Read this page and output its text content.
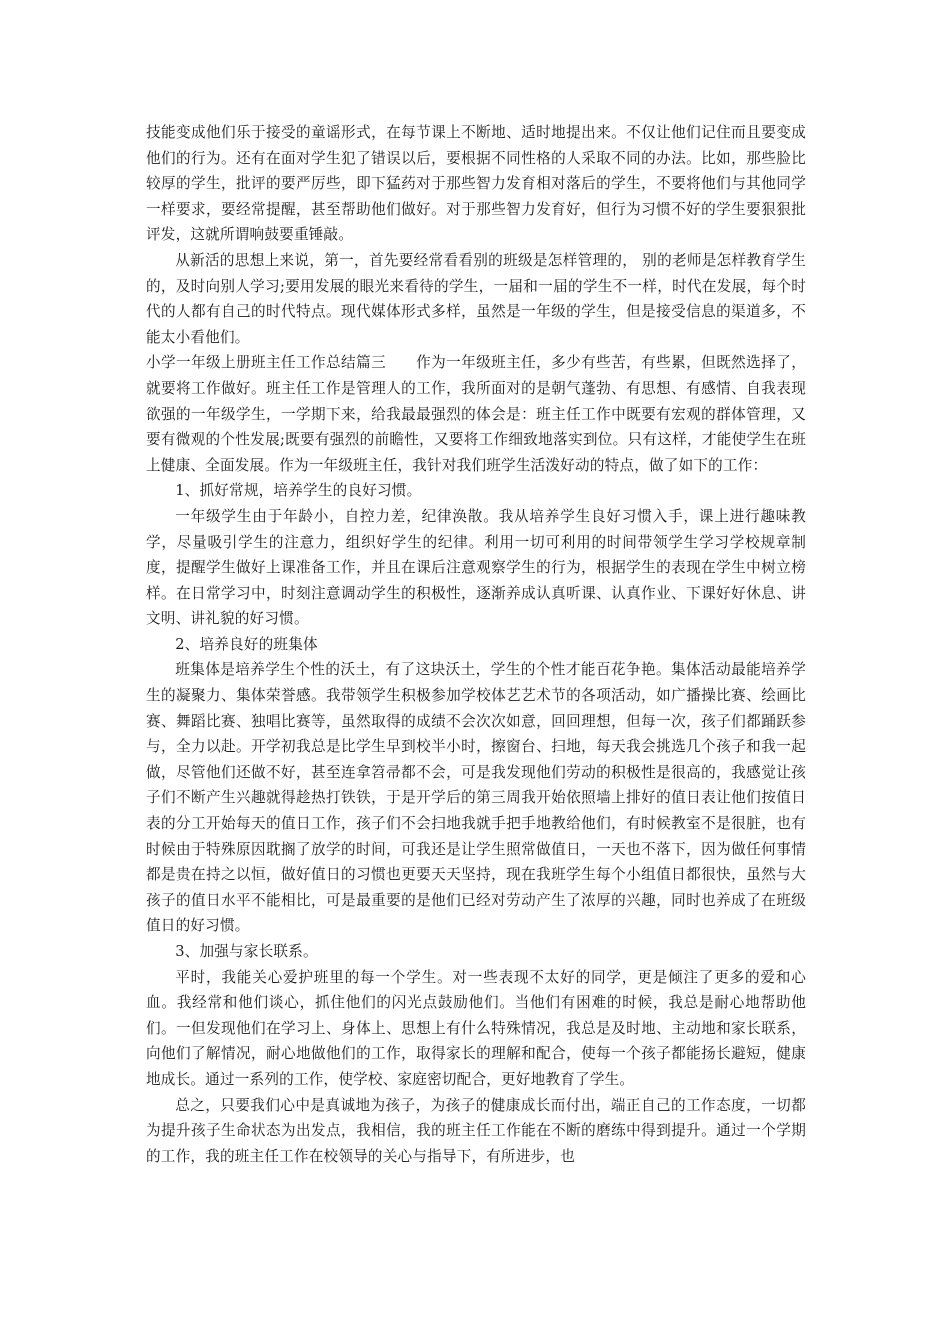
技能变成他们乐于接受的童谣形式，在每节课上不断地、适时地提出来。不仅让他们记住而且要变成他们的行为。还有在面对学生犯了错误以后，要根据不同性格的人采取不同的办法。比如，那些脸比较厚的学生，批评的要严厉些，即下猛药对于那些智力发育相对落后的学生，不要将他们与其他同学一样要求，要经常提醒，甚至帮助他们做好。对于那些智力发育好，但行为习惯不好的学生要狠狠批评发，这就所谓响鼓要重锤敲。

从新活的思想上来说，第一，首先要经常看看别的班级是怎样管理的， 别的老师是怎样教育学生的，及时向别人学习;要用发展的眼光来看待的学生，一届和一届的学生不一样，时代在发展，每个时代的人都有自己的时代特点。现代媒体形式多样，虽然是一年级的学生，但是接受信息的渠道多，不能太小看他们。

小学一年级上册班主任工作总结篇三　　作为一年级班主任，多少有些苦，有些累，但既然选择了，就要将工作做好。班主任工作是管理人的工作，我所面对的是朝气蓬勃、有思想、有感情、自我表现欲强的一年级学生，一学期下来，给我最最强烈的体会是：班主任工作中既要有宏观的群体管理，又要有微观的个性发展;既要有强烈的前瞻性，又要将工作细致地落实到位。只有这样，才能使学生在班上健康、全面发展。作为一年级班主任，我针对我们班学生活泼好动的特点，做了如下的工作：

1、抓好常规，培养学生的良好习惯。

一年级学生由于年龄小，自控力差，纪律涣散。我从培养学生良好习惯入手，课上进行趣味教学，尽量吸引学生的注意力，组织好学生的纪律。利用一切可利用的时间带领学生学习学校规章制度，提醒学生做好上课准备工作，并且在课后注意观察学生的行为，根据学生的表现在学生中树立榜样。在日常学习中，时刻注意调动学生的积极性，逐渐养成认真听课、认真作业、下课好好休息、讲文明、讲礼貌的好习惯。

2、培养良好的班集体

班集体是培养学生个性的沃土，有了这块沃土，学生的个性才能百花争艳。集体活动最能培养学生的凝聚力、集体荣誉感。我带领学生积极参加学校体艺艺术节的各项活动，如广播操比赛、绘画比赛、舞蹈比赛、独唱比赛等，虽然取得的成绩不会次次如意，回回理想，但每一次，孩子们都踊跃参与，全力以赴。开学初我总是比学生早到校半小时，擦窗台、扫地，每天我会挑选几个孩子和我一起做，尽管他们还做不好，甚至连拿笤帚都不会，可是我发现他们劳动的积极性是很高的，我感觉让孩子们不断产生兴趣就得趁热打铁铁，于是开学后的第三周我开始依照墙上排好的值日表让他们按值日表的分工开始每天的值日工作，孩子们不会扫地我就手把手地教给他们，有时候教室不是很脏，也有时候由于特殊原因耽搁了放学的时间，可我还是让学生照常做值日，一天也不落下，因为做任何事情都是贵在持之以恒，做好值日的习惯也更要天天坚持，现在我班学生每个小组值日都很快，虽然与大孩子的值日水平不能相比，可是最重要的是他们已经对劳动产生了浓厚的兴趣，同时也养成了在班级值日的好习惯。

3、加强与家长联系。

平时，我能关心爱护班里的每一个学生。对一些表现不太好的同学，更是倾注了更多的爱和心血。我经常和他们谈心，抓住他们的闪光点鼓励他们。当他们有困难的时候，我总是耐心地帮助他们。一但发现他们在学习上、身体上、思想上有什么特殊情况，我总是及时地、主动地和家长联系，向他们了解情况，耐心地做他们的工作，取得家长的理解和配合，使每一个孩子都能扬长避短，健康地成长。通过一系列的工作，使学校、家庭密切配合，更好地教育了学生。

总之，只要我们心中是真诚地为孩子，为孩子的健康成长而付出，端正自己的工作态度，一切都为提升孩子生命状态为出发点，我相信，我的班主任工作能在不断的磨练中得到提升。通过一个学期的工作，我的班主任工作在校领导的关心与指导下，有所进步，也
